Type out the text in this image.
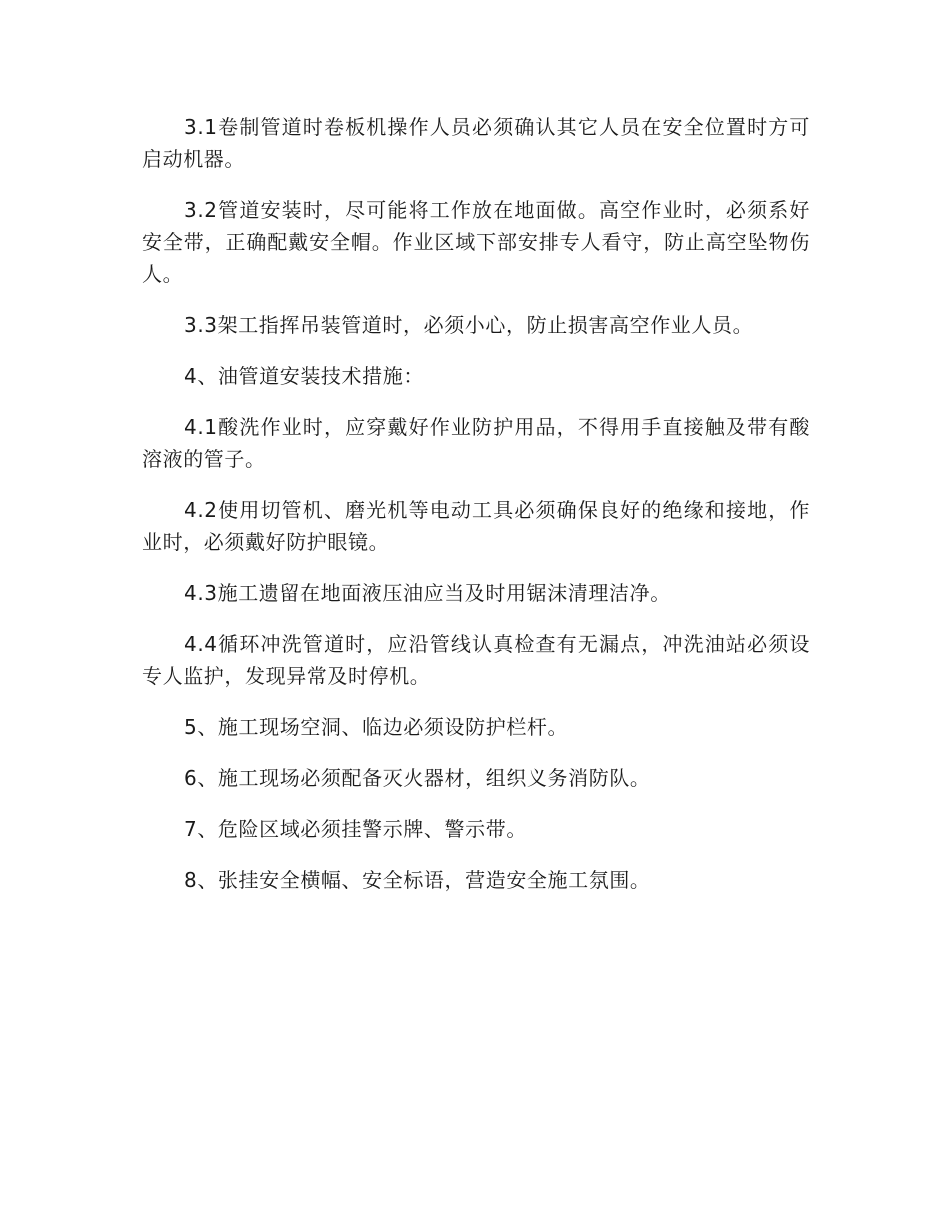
3.1卷制管道时卷板机操作人员必须确认其它人员在安全位置时方可启动机器。

3.2管道安装时，尽可能将工作放在地面做。高空作业时，必须系好安全带，正确配戴安全帽。作业区域下部安排专人看守，防止高空坠物伤人。

3.3架工指挥吊装管道时，必须小心，防止损害高空作业人员。

4、油管道安装技术措施：

4.1酸洗作业时，应穿戴好作业防护用品，不得用手直接触及带有酸溶液的管子。

4.2使用切管机、磨光机等电动工具必须确保良好的绝缘和接地，作业时，必须戴好防护眼镜。

4.3施工遗留在地面液压油应当及时用锯沫清理洁净。

4.4循环冲洗管道时，应沿管线认真检查有无漏点，冲洗油站必须设专人监护，发现异常及时停机。

5、施工现场空洞、临边必须设防护栏杆。

6、施工现场必须配备灭火器材，组织义务消防队。

7、危险区域必须挂警示牌、警示带。

8、张挂安全横幅、安全标语，营造安全施工氛围。
